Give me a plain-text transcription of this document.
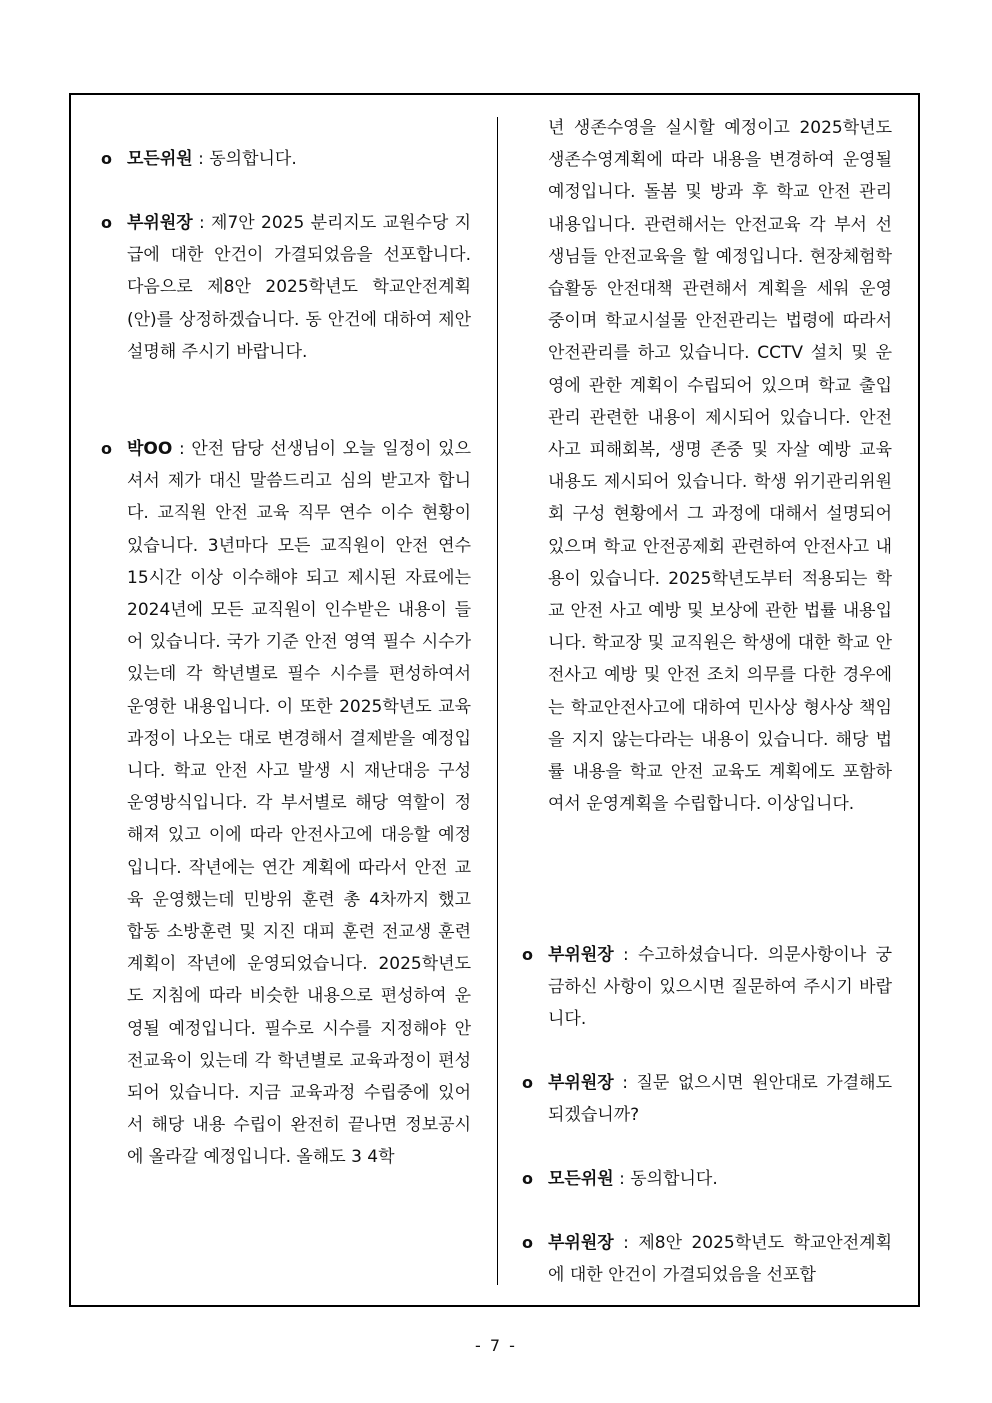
o 모든위원 : 동의합니다.
o 부위원장 : 제7안 2025 분리지도 교원수당 지급에 대한 안건이 가결되었음을 선포합니다. 다음으로 제8안 2025학년도 학교안전계획(안)를 상정하겠습니다. 동 안건에 대하여 제안설명해 주시기 바랍니다.
o 박OO : 안전 담당 선생님이 오늘 일정이 있으셔서 제가 대신 말씀드리고 심의 받고자 합니다. 교직원 안전 교육 직무 연수 이수 현황이 있습니다. 3년마다 모든 교직원이 안전 연수 15시간 이상 이수해야 되고 제시된 자료에는 2024년에 모든 교직원이 인수받은 내용이 들어 있습니다. 국가 기준 안전 영역 필수 시수가 있는데 각 학년별로 필수 시수를 편성하여서 운영한 내용입니다. 이 또한 2025학년도 교육과정이 나오는 대로 변경해서 결제받을 예정입니다. 학교 안전 사고 발생 시 재난대응 구성 운영방식입니다. 각 부서별로 해당 역할이 정해져 있고 이에 따라 안전사고에 대응할 예정입니다. 작년에는 연간 계획에 따라서 안전 교육 운영했는데 민방위 훈련 총 4차까지 했고 합동 소방훈련 및 지진 대피 훈련 전교생 훈련 계획이 작년에 운영되었습니다. 2025학년도도 지침에 따라 비슷한 내용으로 편성하여 운영될 예정입니다. 필수로 시수를 지정해야 안전교육이 있는데 각 학년별로 교육과정이 편성되어 있습니다. 지금 교육과정 수립중에 있어서 해당 내용 수립이 완전히 끝나면 정보공시에 올라갈 예정입니다. 올해도 3 4학
년 생존수영을 실시할 예정이고 2025학년도 생존수영계획에 따라 내용을 변경하여 운영될 예정입니다. 돌봄 및 방과 후 학교 안전 관리 내용입니다. 관련해서는 안전교육 각 부서 선생님들 안전교육을 할 예정입니다. 현장체험학습활동 안전대책 관련해서 계획을 세워 운영 중이며 학교시설물 안전관리는 법령에 따라서 안전관리를 하고 있습니다. CCTV 설치 및 운영에 관한 계획이 수립되어 있으며 학교 출입관리 관련한 내용이 제시되어 있습니다. 안전사고 피해회복, 생명 존중 및 자살 예방 교육 내용도 제시되어 있습니다. 학생 위기관리위원회 구성 현황에서 그 과정에 대해서 설명되어 있으며 학교 안전공제회 관련하여 안전사고 내용이 있습니다. 2025학년도부터 적용되는 학교 안전 사고 예방 및 보상에 관한 법률 내용입니다. 학교장 및 교직원은 학생에 대한 학교 안전사고 예방 및 안전 조치 의무를 다한 경우에는 학교안전사고에 대하여 민사상 형사상 책임을 지지 않는다라는 내용이 있습니다. 해당 법률 내용을 학교 안전 교육도 계획에도 포함하여서 운영계획을 수립합니다. 이상입니다.
o 부위원장 : 수고하셨습니다. 의문사항이나 궁금하신 사항이 있으시면 질문하여 주시기 바랍니다.
o 부위원장 : 질문 없으시면 원안대로 가결해도 되겠습니까?
o 모든위원 : 동의합니다.
o 부위원장 : 제8안 2025학년도 학교안전계획에 대한 안건이 가결되었음을 선포합
- 7 -
